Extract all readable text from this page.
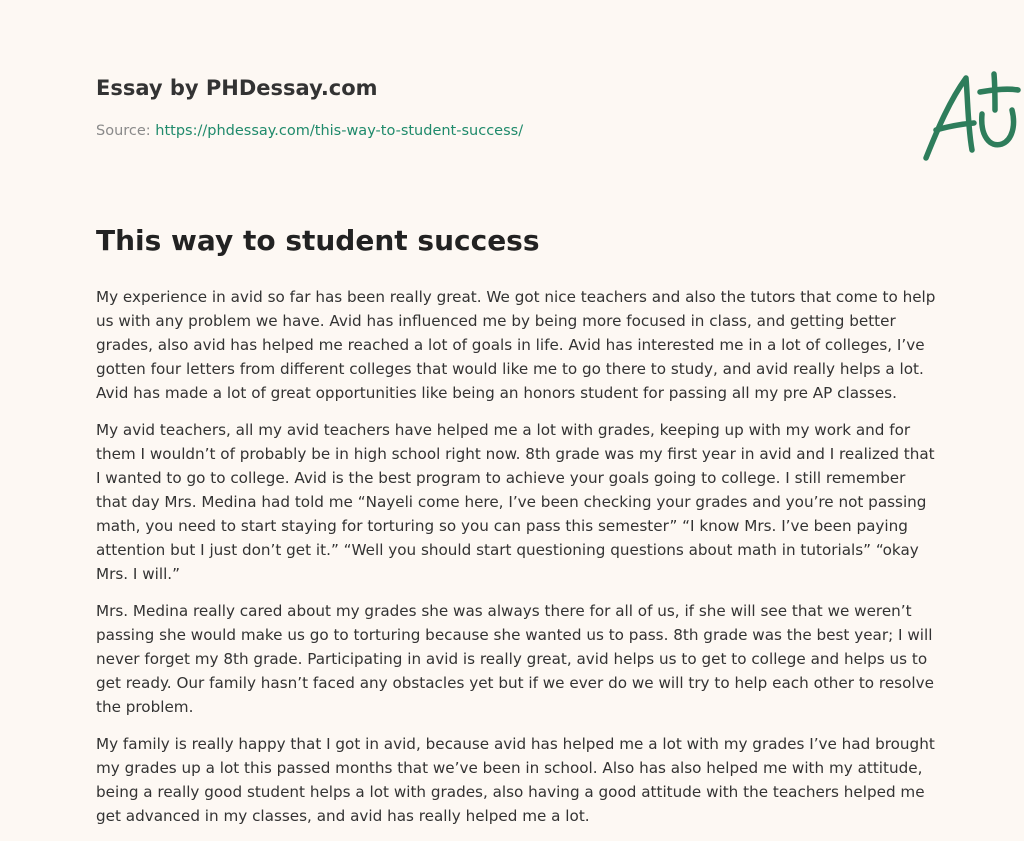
Essay by PHDessay.com
Source: https://phdessay.com/this-way-to-student-success/
This way to student success

My experience in avid so far has been really great. We got nice teachers and also the tutors that come to help us with any problem we have. Avid has influenced me by being more focused in class, and getting better grades, also avid has helped me reached a lot of goals in life. Avid has interested me in a lot of colleges, I’ve gotten four letters from different colleges that would like me to go there to study, and avid really helps a lot. Avid has made a lot of great opportunities like being an honors student for passing all my pre AP classes.

My avid teachers, all my avid teachers have helped me a lot with grades, keeping up with my work and for them I wouldn’t of probably be in high school right now. 8th grade was my first year in avid and I realized that I wanted to go to college. Avid is the best program to achieve your goals going to college. I still remember that day Mrs. Medina had told me “Nayeli come here, I’ve been checking your grades and you’re not passing math, you need to start staying for torturing so you can pass this semester” “I know Mrs. I’ve been paying attention but I just don’t get it.” “Well you should start questioning questions about math in tutorials” “okay Mrs. I will.”

Mrs. Medina really cared about my grades she was always there for all of us, if she will see that we weren’t passing she would make us go to torturing because she wanted us to pass. 8th grade was the best year; I will never forget my 8th grade. Participating in avid is really great, avid helps us to get to college and helps us to get ready. Our family hasn’t faced any obstacles yet but if we ever do we will try to help each other to resolve the problem.

My family is really happy that I got in avid, because avid has helped me a lot with my grades I’ve had brought my grades up a lot this passed months that we’ve been in school. Also has also helped me with my attitude, being a really good student helps a lot with grades, also having a good attitude with the teachers helped me get advanced in my classes, and avid has really helped me a lot.
